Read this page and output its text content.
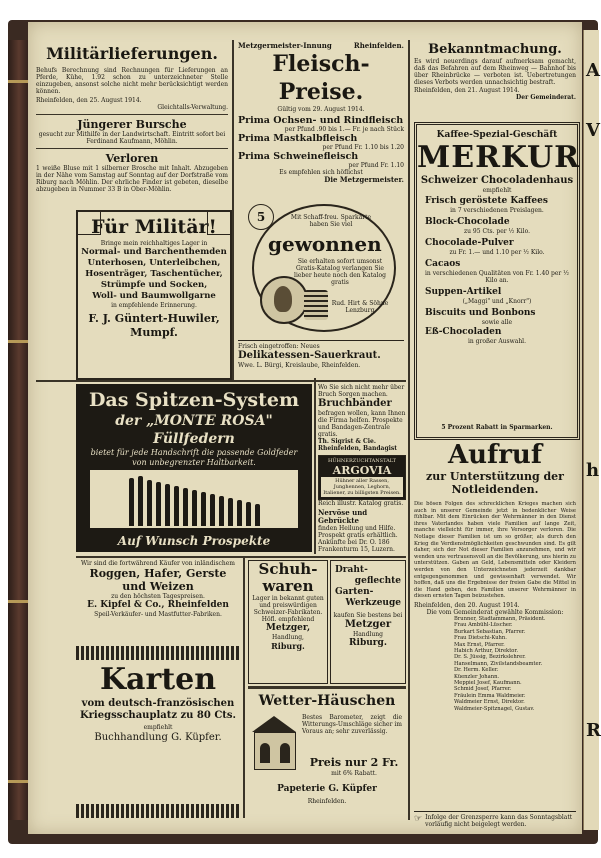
A
V
h
R
Militärlieferungen.
Behufs Berechnung sind Rechnungen für Lieferungen an Pferde, Kühe, 1.92 schon zu unterzeichneter Stelle einzugeben, ansonst solche nicht mehr berücksichtigt werden können.
Rheinfelden, den 25. August 1914.
Gleichtalls-Verwaltung.
Jüngerer Bursche
gesucht zur Mithilfe in der Landwirtschaft. Eintritt sofort bei Ferdinand Kaufmann, Möhlin.
Verloren
1 weiße Bluse mit 1 silberner Brosche mit Inhalt. Abzugeben in der Nähe vom Samstag auf Sonntag auf der Dorfstraße vom Riburg nach Möhlin. Der ehrliche Finder ist gebeten, dieselbe abzugeben in Nummer 33 B in Ober-Möhlin.
Für Militär!
Bringe mein reichhaltiges Lager in
Normal- und Barchenthemden
Unterhosen, Unterleibchen,
Hosenträger, Taschentücher,
Strümpfe und Socken,
Woll- und Baumwollgarne
in empfehlende Erinnerung.
F. J. Güntert-Huwiler,
Mumpf.
Metzgermeister-Innung	Rheinfelden.
Fleisch-Preise.
Gültig vom 29. August 1914.
Prima Ochsen- und Rindfleisch
per Pfund .90 bis 1.— Fr. je nach Stück
Prima Mastkalbfleisch
per Pfund Fr. 1.10 bis 1.20
Prima Schweinefleisch
per Pfund Fr. 1.10
Es empfehlen sich höflichst
Die Metzgermeister.
5	Mit Schaff-freu. Sparkarte haben Sie viel
gewonnen
Sie erhalten sofort umsonst Gratis-Katalog verlangen Sie lieber heute noch den Katalog gratis
Rud. Hirt & Söhne Lenzburg
Frisch eingetroffen: Neues
Delikatessen-Sauerkraut.
Wwe. L. Bürgi, Kreislaube, Rheinfelden.
Das Spitzen-System
der „MONTE ROSA" Füllfedern
bietet für jede Handschrift die passende Goldfeder von unbegrenzter Haltbarkeit.
Auf Wunsch Prospekte
Wo Sie sich nicht mehr über Bruch Sorgen machen.
Bruchbänder
befragen wollen, kann Ihnen die Firma helfen. Prospekte und Bandagen-Zentrale gratis.
Th. Sigrist & Cie. Rheinfelden, Bandagist
HÜHNERZUCHTANSTALT
ARGOVIA
Hühner aller Rassen, Junghennen, Leghorn, Italiener, zu billigsten Preisen.
Reich illustr. Katalog gratis.
Nervöse und Gebrückte
finden Heilung und Hilfe. Prospekt gratis erhältlich. Ankünfte bei Dr. O. 186 Frankenturm 15, Luzern.
Wir sind die fortwährend Käufer von inländischem
Roggen, Hafer, Gerste
und Weizen
zu den höchsten Tagespreisen.
E. Kipfel & Co., Rheinfelden
Speil-Verkäufer- und Mastfutter-Fabriken.
Karten
vom deutsch-französischen
Kriegsschauplatz zu 80 Cts.
empfiehlt
Buchhandlung G. Küpfer.
Schuh-waren
Lager in bekannt guten und preiswürdigen Schweizer-Fabrikaten. Höfl. empfehlend
Metzger,
Handlung,
Riburg.
Draht-
geflechte
Garten-
Werkzeuge
kaufen Sie bestens bei
Metzger
Handlung
Riburg.
Wetter-Häuschen
Bestes Barometer, zeigt die Witterungs-Umschläge sicher im Voraus an; sehr zuverlässig.
Preis nur 2 Fr.
mit 6% Rabatt.
Papeterie G. Küpfer
Rheinfelden.
Bekanntmachung.
Es wird neuerdings darauf aufmerksam gemacht, daß das Befahren auf dem Rheinweg — Bahnhof bis über Rheinbrücke — verboten ist. Uebertretungen dieses Verbots werden unnachsichtig bestraft.
Rheinfelden, den 21. August 1914.
Der Gemeinderat.
Kaffee-Spezial-Geschäft
MERKUR
Schweizer Chocoladenhaus
empfiehlt
Frisch geröstete Kaffees
in 7 verschiedenen Preislagen.
Block-Chocolade
zu 95 Cts. per ½ Kilo.
Chocolade-Pulver
zu Fr. 1.— und 1.10 per ½ Kilo.
Cacaos
in verschiedenen Qualitäten von Fr. 1.40 per ½ Kilo an.
Suppen-Artikel
(„Maggi" und „Knorr")
Biscuits und Bonbons
sowie alle
Eß-Chocoladen
in großer Auswahl.
5 Prozent Rabatt in Sparmarken.
Aufruf
zur Unterstützung der
Notleidenden.
Die bösen Folgen des schrecklichen Krieges machen sich auch in unserer Gemeinde jetzt in bedenklicher Weise fühlbar. Mit dem Einrücken der Wehrmänner in den Dienst ihres Vaterlandes haben viele Familien auf lange Zeit, manche vielleicht für immer, ihre Versorger verloren. Die Notlage dieser Familien ist um so größer, als durch den Krieg die Verdienstmöglichkeiten geschwunden sind. Es gilt daher, sich der Not dieser Familien anzunehmen, und wir wenden uns vertrauensvoll an die Bevölkerung, uns hierin zu unterstützen. Gaben an Geld, Lebensmitteln oder Kleidern werden von den Unterzeichneten jederzeit dankbar entgegengenommen und gewissenhaft verwendet. Wir hoffen, daß uns die Ergebnisse der freien Gabe die Mittel in die Hand geben, den Familien unserer Wehrmänner in diesen ernsten Tagen beizustehen.
Rheinfelden, den 20. August 1914.
Die vom Gemeinderat gewählte Kommission:
Brunner, Stadtammann, Präsident.
Frau Ambühl-Lüscher.
Burkart Sebastian, Pfarrer.
Frau Dietschi-Kuhn.
Max Ernst, Pfarrer.
Habich Arthur, Direktor.
Dr. S. Jüssig, Bezirkslehrer.
Hanselmann, Zivilstandsbeamter.
Dr. Herm. Keller.
Küenzler Johann.
Meppiel Josef, Kaufmann.
Schmid Josef, Pfarrer.
Fräulein Emma Waldmeier.
Waldmeier Ernst, Direktor.
Waldmeier-Spitznagel, Gustav.
☞ Infolge der Grenzsperre kann das Sonntagsblatt vorläufig nicht beigelegt werden.
